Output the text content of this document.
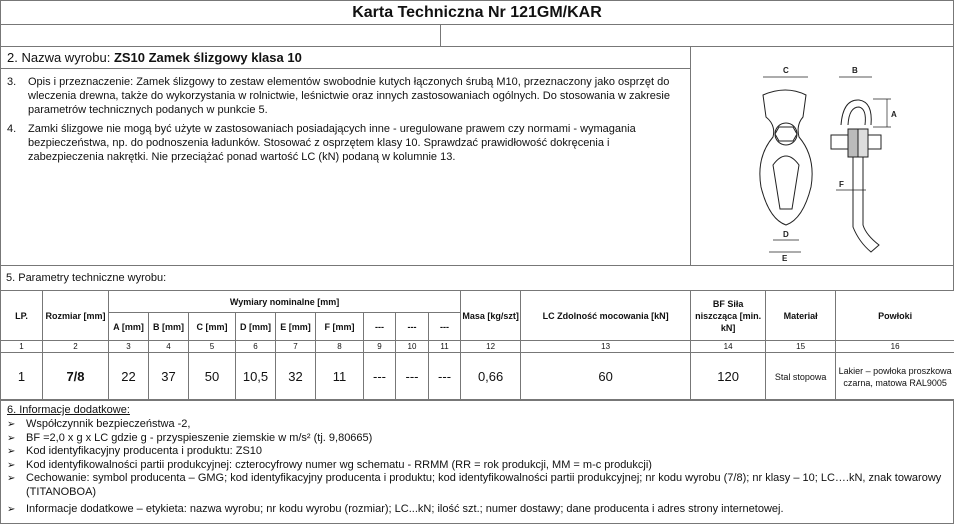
Karta Techniczna Nr 121GM/KAR
2. Nazwa wyrobu: ZS10 Zamek ślizgowy klasa 10
3.	Opis i przeznaczenie: Zamek ślizgowy to zestaw elementów swobodnie kutych łączonych śrubą M10, przeznaczony jako osprzęt do wleczenia drewna, także do wykorzystania w rolnictwie, leśnictwie oraz innych zastosowaniach ogólnych. Do stosowania w zakresie parametrów technicznych podanych w punkcie 5.
4.	Zamki ślizgowe nie mogą być użyte w zastosowaniach posiadających inne - uregulowane prawem czy normami - wymagania bezpieczeństwa, np. do podnoszenia ładunków. Stosować z osprzętem klasy 10. Sprawdzać prawidłowość dokręcenia i zabezpieczenia nakrętki. Nie przeciążać ponad wartość LC (kN) podaną w kolumnie 13.
C	B
A
D
E
F
5. Parametry techniczne wyrobu:
LP.	Rozmiar [mm]	Wymiary nominalne [mm]									Masa [kg/szt]	LC Zdolność mocowania [kN]	BF Siła niszcząca [min. kN]	Materiał	Powłoki
		A [mm]	B [mm]	C [mm]	D [mm]	E [mm]	F [mm]	---	---	---					
1	2	3	4	5	6	7	8	9	10	11	12	13	14	15	16
1	7/8	22	37	50	10,5	32	11	---	---	---	0,66	60	120	Stal stopowa	Lakier – powłoka proszkowa czarna, matowa RAL9005
6. Informacje dodatkowe:
➢ Współczynnik bezpieczeństwa -2,
➢ BF =2,0 x g x LC gdzie g - przyspieszenie ziemskie w m/s² (tj. 9,80665)
➢ Kod identyfikacyjny producenta i produktu: ZS10
➢ Kod identyfikowalności partii produkcyjnej: czterocyfrowy numer wg schematu - RRMM (RR = rok produkcji, MM = m-c produkcji)
➢ Cechowanie: symbol producenta – GMG; kod identyfikacyjny producenta i produktu; kod identyfikowalności partii produkcyjnej; nr kodu wyrobu (7/8); nr klasy – 10; LC….kN, znak towarowy (TITANOBOA)
➢ Informacje dodatkowe – etykieta: nazwa wyrobu; nr kodu wyrobu (rozmiar); LC...kN; ilość szt.; numer dostawy; dane producenta i adres strony internetowej.
